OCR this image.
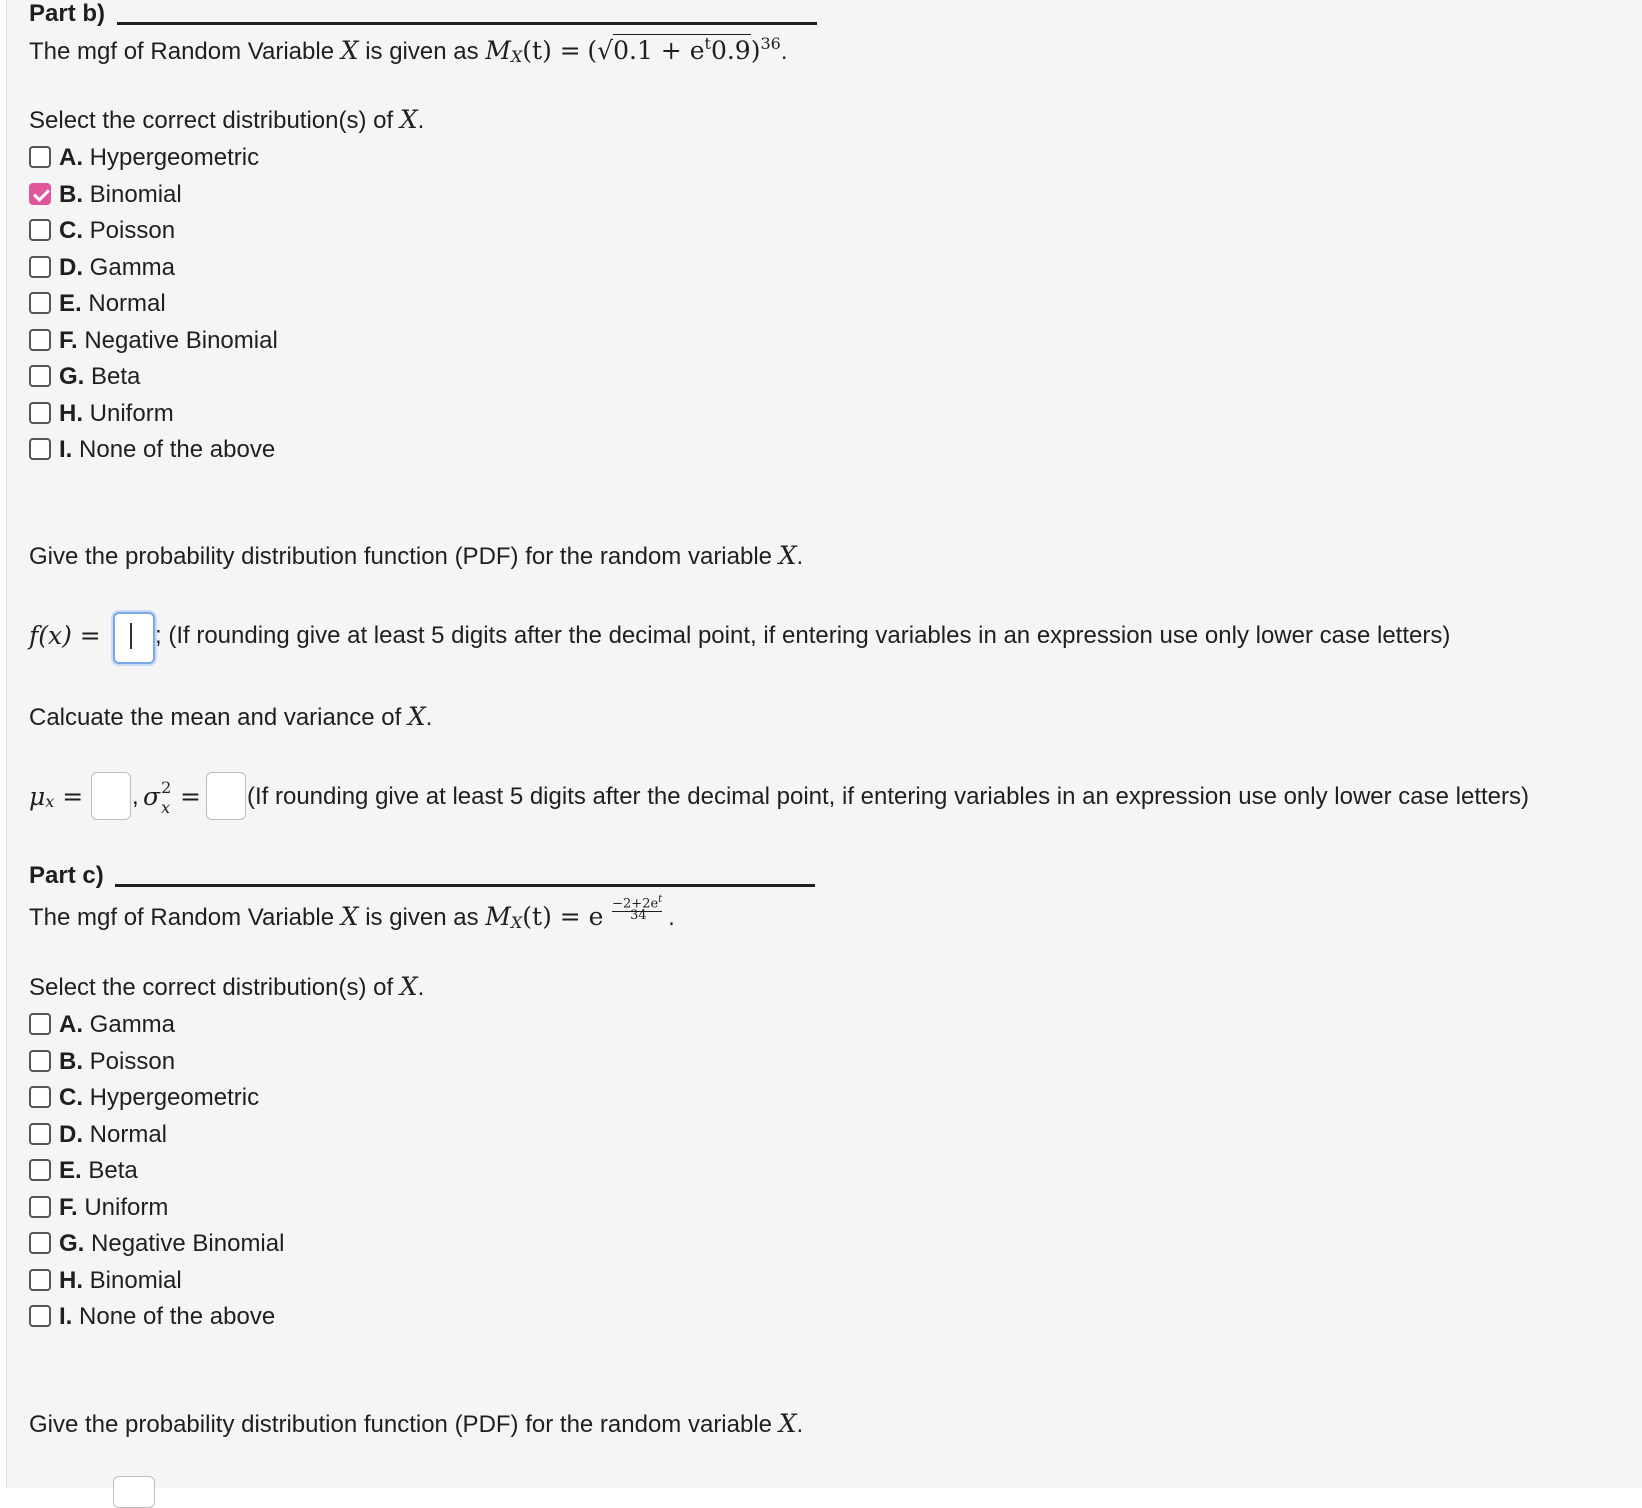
Part b)
The mgf of Random Variable X is given as $M_X(t) = (√0.1 + e^t0.9)^{36}$.
Select the correct distribution(s) of X.
A. Hypergeometric
B. Binomial
C. Poisson
D. Gamma
E. Normal
F. Negative Binomial
G. Beta
H. Uniform
I. None of the above
Give the probability distribution function (PDF) for the random variable X.
f(x) = ; (If rounding give at least 5 digits after the decimal point, if entering variables in an expression use only lower case letters)
Calcuate the mean and variance of X.
$\mu_x$ = , σ 2
x = (If rounding give at least 5 digits after the decimal point, if entering variables in an expression use only lower case letters)
Part c)
The mgf of Random Variable X is given as $M_X(t) = e -2+2e^t$
34 .
Select the correct distribution(s) of X.
A. Gamma
B. Poisson
C. Hypergeometric
D. Normal
E. Beta
F. Uniform
G. Negative Binomial
H. Binomial
I. None of the above
Give the probability distribution function (PDF) for the random variable X.
